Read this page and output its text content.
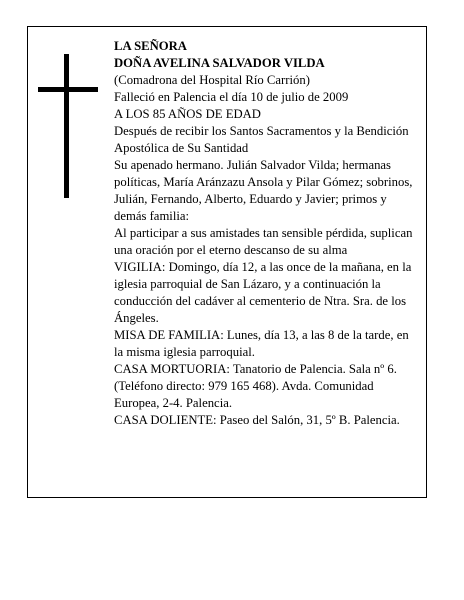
LA SEÑORA

DOÑA AVELINA SALVADOR VILDA

(Comadrona del Hospital Río Carrión)

Falleció en Palencia el día 10 de julio de 2009

A LOS 85 AÑOS DE EDAD

Después de recibir los Santos Sacramentos y la Bendición Apostólica de Su Santidad

Su apenado hermano. Julián Salvador Vilda; hermanas políticas, María Aránzazu Ansola y Pilar Gómez; sobrinos, Julián, Fernando, Alberto, Eduardo y Javier; primos y demás familia:

Al participar a sus amistades tan sensible pérdida, suplican una oración por el eterno descanso de su alma

VIGILIA: Domingo, día 12, a las once de la mañana, en la iglesia parroquial de San Lázaro, y a continuación la conducción del cadáver al cementerio de Ntra. Sra. de los Ángeles.

MISA DE FAMILIA: Lunes, día 13, a las 8 de la tarde, en la misma iglesia parroquial.

CASA MORTUORIA: Tanatorio de Palencia. Sala nº 6. (Teléfono directo: 979 165 468). Avda. Comunidad Europea, 2-4. Palencia.

CASA DOLIENTE: Paseo del Salón, 31, 5º B. Palencia.
